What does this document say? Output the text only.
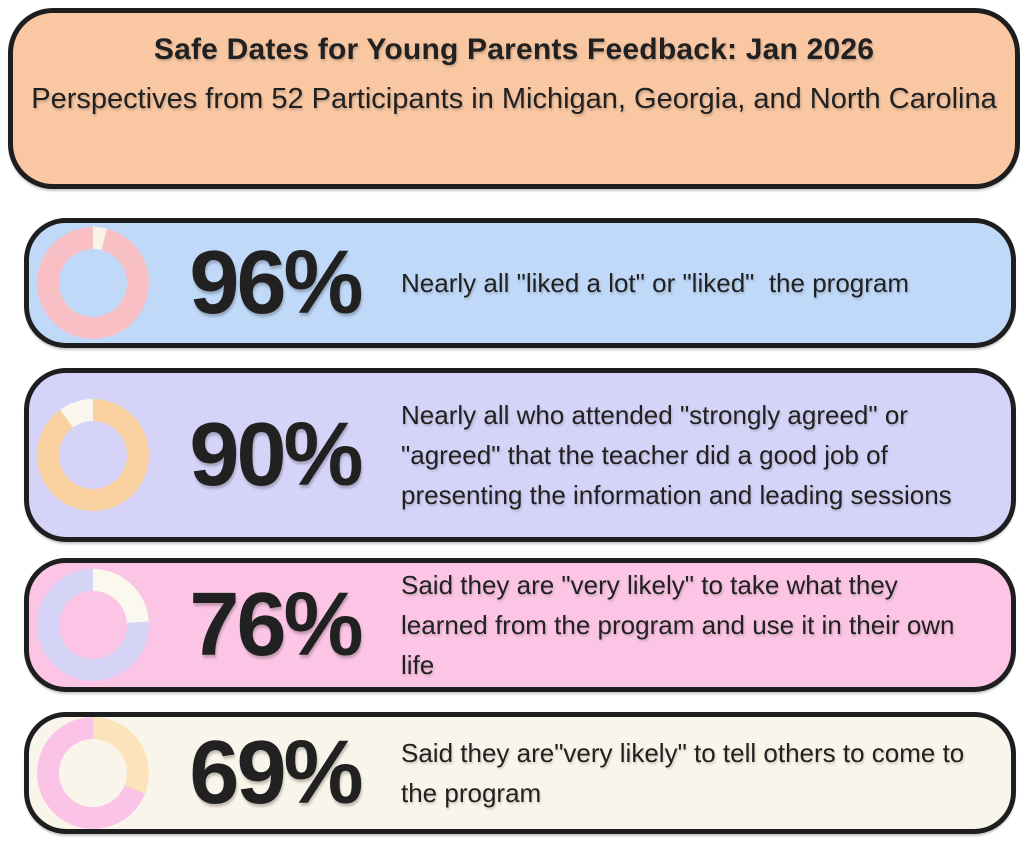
Safe Dates for Young Parents Feedback: Jan 2026

Perspectives from 52 Participants in Michigan, Georgia, and North Carolina

96%	Nearly all "liked a lot" or "liked"  the program
90%	Nearly all who attended "strongly agreed" or "agreed" that the teacher did a good job of presenting the information and leading sessions
76%	Said they are "very likely" to take what they learned from the program and use it in their own life
69%	Said they are"very likely" to tell others to come to the program
